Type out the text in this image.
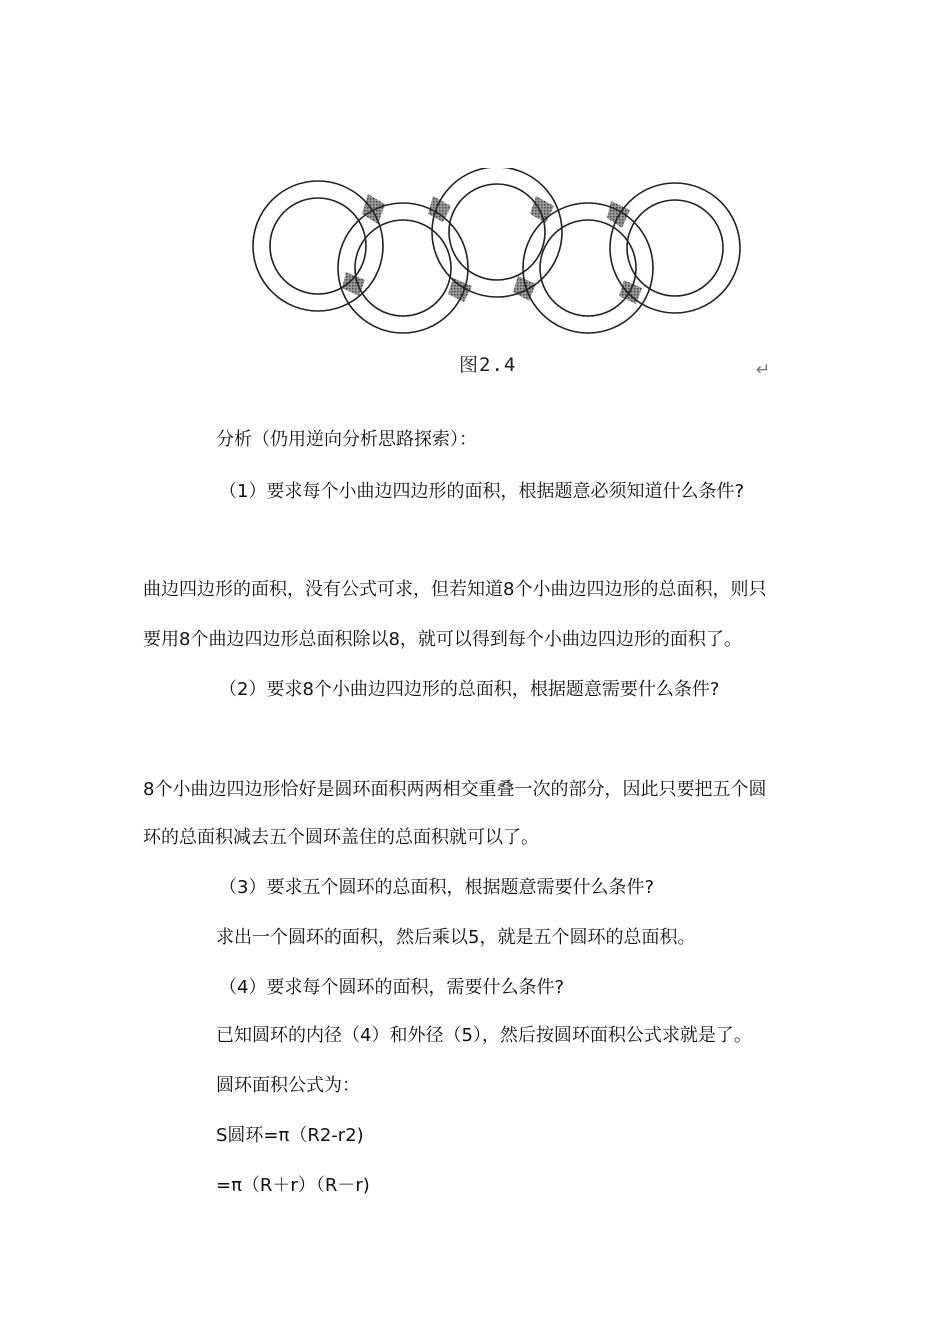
图2.4	↵
分析（仍用逆向分析思路探索）：
（1）要求每个小曲边四边形的面积，根据题意必须知道什么条件?
曲边四边形的面积，没有公式可求，但若知道8个小曲边四边形的总面积，则只
要用8个曲边四边形总面积除以8，就可以得到每个小曲边四边形的面积了。
（2）要求8个小曲边四边形的总面积，根据题意需要什么条件?
8个小曲边四边形恰好是圆环面积两两相交重叠一次的部分，因此只要把五个圆
环的总面积减去五个圆环盖住的总面积就可以了。
（3）要求五个圆环的总面积，根据题意需要什么条件?
求出一个圆环的面积，然后乘以5，就是五个圆环的总面积。
（4）要求每个圆环的面积，需要什么条件?
已知圆环的内径（4）和外径（5），然后按圆环面积公式求就是了。
圆环面积公式为：
S圆环=π（R2-r2)
=π（R＋r）（R－r)
